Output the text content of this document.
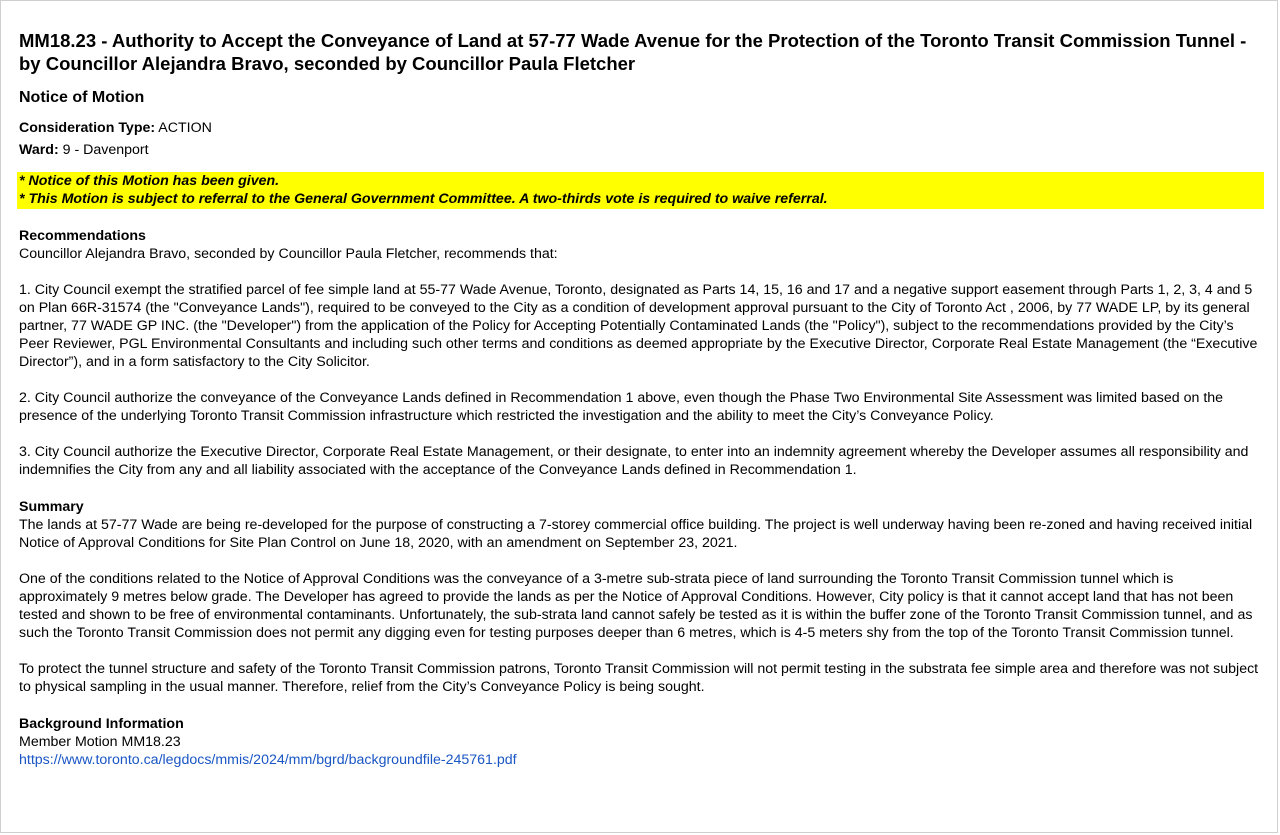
MM18.23 - Authority to Accept the Conveyance of Land at 57-77 Wade Avenue for the Protection of the Toronto Transit Commission Tunnel - by Councillor Alejandra Bravo, seconded by Councillor Paula Fletcher
Notice of Motion
Consideration Type: ACTION
Ward: 9 - Davenport
* Notice of this Motion has been given.
* This Motion is subject to referral to the General Government Committee. A two-thirds vote is required to waive referral.
Recommendations

Councillor Alejandra Bravo, seconded by Councillor Paula Fletcher, recommends that:

1. City Council exempt the stratified parcel of fee simple land at 55-77 Wade Avenue, Toronto, designated as Parts 14, 15, 16 and 17 and a negative support easement through Parts 1, 2, 3, 4 and 5 on Plan 66R-31574 (the "Conveyance Lands"), required to be conveyed to the City as a condition of development approval pursuant to the City of Toronto Act , 2006, by 77 WADE LP, by its general partner, 77 WADE GP INC. (the "Developer") from the application of the Policy for Accepting Potentially Contaminated Lands (the "Policy"), subject to the recommendations provided by the City’s Peer Reviewer, PGL Environmental Consultants and including such other terms and conditions as deemed appropriate by the Executive Director, Corporate Real Estate Management (the “Executive Director”), and in a form satisfactory to the City Solicitor.

2. City Council authorize the conveyance of the Conveyance Lands defined in Recommendation 1 above, even though the Phase Two Environmental Site Assessment was limited based on the presence of the underlying Toronto Transit Commission infrastructure which restricted the investigation and the ability to meet the City’s Conveyance Policy.

3. City Council authorize the Executive Director, Corporate Real Estate Management, or their designate, to enter into an indemnity agreement whereby the Developer assumes all responsibility and indemnifies the City from any and all liability associated with the acceptance of the Conveyance Lands defined in Recommendation 1.

Summary

The lands at 57-77 Wade are being re-developed for the purpose of constructing a 7-storey commercial office building. The project is well underway having been re-zoned and having received initial Notice of Approval Conditions for Site Plan Control on June 18, 2020, with an amendment on September 23, 2021.

One of the conditions related to the Notice of Approval Conditions was the conveyance of a 3-metre sub-strata piece of land surrounding the Toronto Transit Commission tunnel which is approximately 9 metres below grade. The Developer has agreed to provide the lands as per the Notice of Approval Conditions. However, City policy is that it cannot accept land that has not been tested and shown to be free of environmental contaminants. Unfortunately, the sub-strata land cannot safely be tested as it is within the buffer zone of the Toronto Transit Commission tunnel, and as such the Toronto Transit Commission does not permit any digging even for testing purposes deeper than 6 metres, which is 4-5 meters shy from the top of the Toronto Transit Commission tunnel.

To protect the tunnel structure and safety of the Toronto Transit Commission patrons, Toronto Transit Commission will not permit testing in the substrata fee simple area and therefore was not subject to physical sampling in the usual manner. Therefore, relief from the City’s Conveyance Policy is being sought.

Background Information
Member Motion MM18.23
https://www.toronto.ca/legdocs/mmis/2024/mm/bgrd/backgroundfile-245761.pdf
